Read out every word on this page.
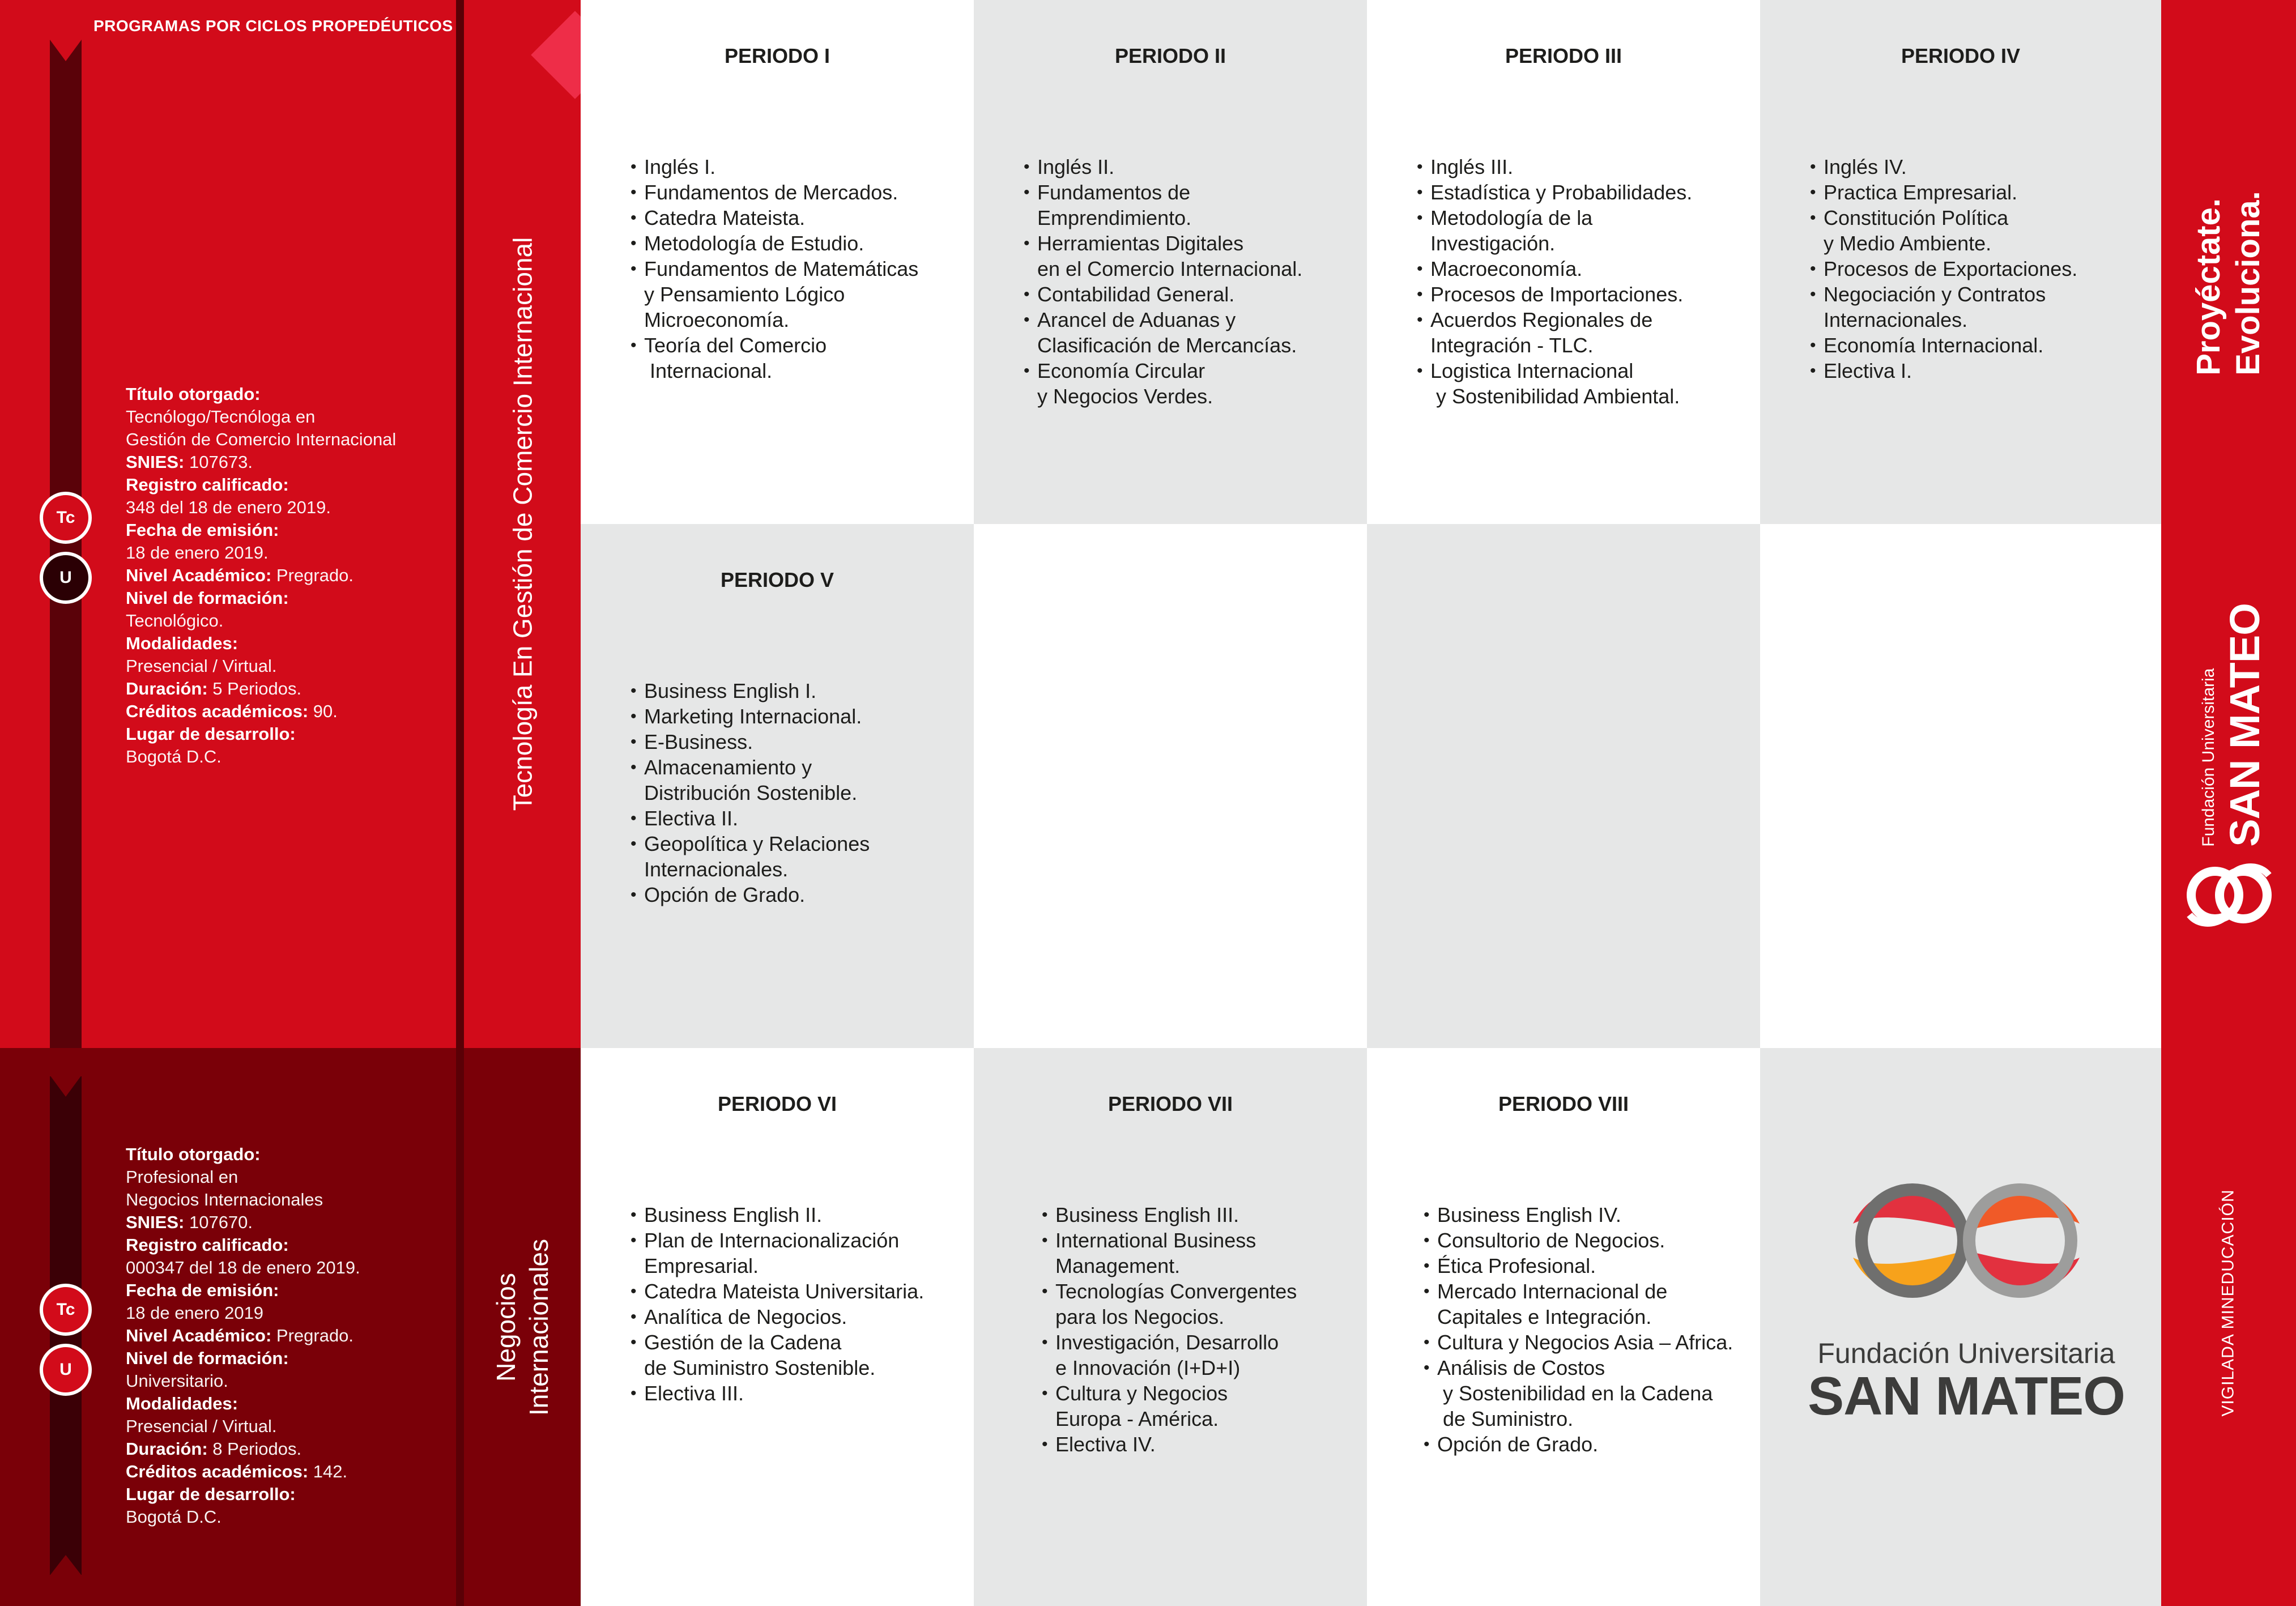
PROGRAMAS POR CICLOS PROPEDÉUTICOS
Tc
U
Tc
U
Título otorgado:
Tecnólogo/Tecnóloga en
Gestión de Comercio Internacional
SNIES: 107673.
Registro calificado:
348 del 18 de enero 2019.
Fecha de emisión:
18 de enero 2019.
Nivel Académico: Pregrado.
Nivel de formación:
Tecnológico.
Modalidades:
Presencial / Virtual.
Duración: 5 Periodos.
Créditos académicos: 90.
Lugar de desarrollo:
Bogotá D.C.
Título otorgado:
Profesional en
Negocios Internacionales
SNIES: 107670.
Registro calificado:
000347 del 18 de enero 2019.
Fecha de emisión:
18 de enero 2019
Nivel Académico: Pregrado.
Nivel de formación:
Universitario.
Modalidades:
Presencial / Virtual.
Duración: 8 Periodos.
Créditos académicos: 142.
Lugar de desarrollo:
Bogotá D.C.
Tecnología En Gestión de Comercio Internacional
Negocios Internacionales
PERIODO I
• Inglés I.
• Fundamentos de Mercados.
• Catedra Mateista.
• Metodología de Estudio.
• Fundamentos de Matemáticas
y Pensamiento Lógico
Microeconomía.
• Teoría del Comercio
Internacional.
PERIODO II
• Inglés II.
• Fundamentos de
Emprendimiento.
• Herramientas Digitales
en el Comercio Internacional.
• Contabilidad General.
• Arancel de Aduanas y
Clasificación de Mercancías.
• Economía Circular
y Negocios Verdes.
PERIODO III
• Inglés III.
• Estadística y Probabilidades.
• Metodología de la
Investigación.
• Macroeconomía.
• Procesos de Importaciones.
• Acuerdos Regionales de
Integración - TLC.
• Logistica Internacional
y Sostenibilidad Ambiental.
PERIODO IV
• Inglés IV.
• Practica Empresarial.
• Constitución Política
y Medio Ambiente.
• Procesos de Exportaciones.
• Negociación y Contratos
Internacionales.
• Economía Internacional.
• Electiva I.
PERIODO V
• Business English I.
• Marketing Internacional.
• E-Business.
• Almacenamiento y
Distribución Sostenible.
• Electiva II.
• Geopolítica y Relaciones
Internacionales.
• Opción de Grado.
PERIODO VI
• Business English II.
• Plan de Internacionalización
Empresarial.
• Catedra Mateista Universitaria.
• Analítica de Negocios.
• Gestión de la Cadena
de Suministro Sostenible.
• Electiva III.
PERIODO VII
• Business English III.
• International Business
Management.
• Tecnologías Convergentes
para los Negocios.
• Investigación, Desarrollo
e Innovación (I+D+I)
• Cultura y Negocios
Europa - América.
• Electiva IV.
PERIODO VIII
• Business English IV.
• Consultorio de Negocios.
• Ética Profesional.
• Mercado Internacional de
Capitales e Integración.
• Cultura y Negocios Asia – Africa.
• Análisis de Costos
y Sostenibilidad en la Cadena
de Suministro.
• Opción de Grado.
Fundación Universitaria
SAN MATEO
Proyéctate. Evoluciona.
Fundación Universitaria SAN MATEO
VIGILADA MINEDUCACIÓN
